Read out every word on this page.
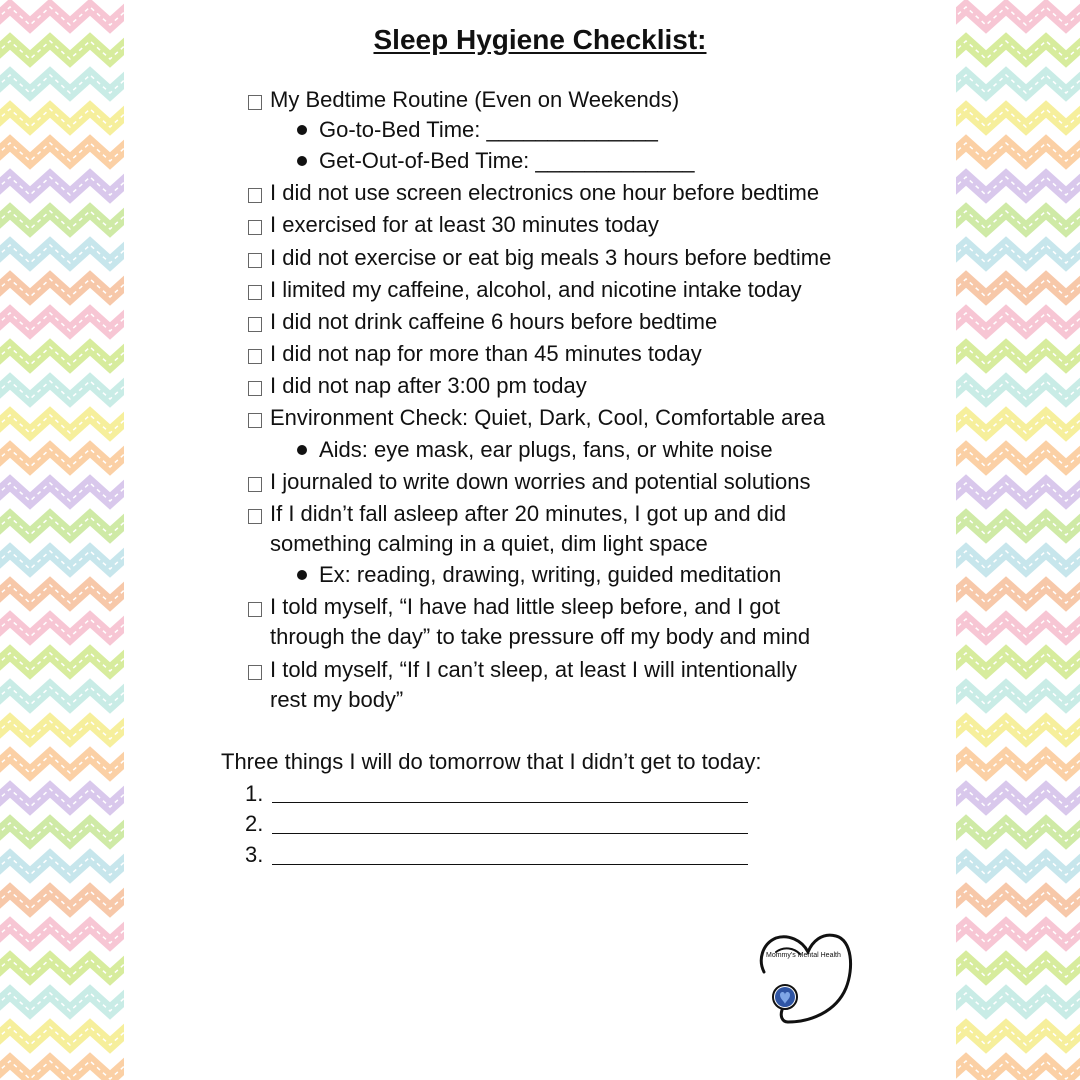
Sleep Hygiene Checklist:
My Bedtime Routine (Even on Weekends)
Go-to-Bed Time: ______________
Get-Out-of-Bed Time: _____________
I did not use screen electronics one hour before bedtime
I exercised for at least 30 minutes today
I did not exercise or eat big meals 3 hours before bedtime
I limited my caffeine, alcohol, and nicotine intake today
I did not drink caffeine 6 hours before bedtime
I did not nap for more than 45 minutes today
I did not nap after 3:00 pm today
Environment Check: Quiet, Dark, Cool, Comfortable area
Aids: eye mask, ear plugs, fans, or white noise
I journaled to write down worries and potential solutions
If I didn’t fall asleep after 20 minutes, I got up and did
something calming in a quiet, dim light space
Ex: reading, drawing, writing, guided meditation
I told myself, “I have had little sleep before, and I got
through the day” to take pressure off my body and mind
I told myself, “If I can’t sleep, at least I will intentionally
rest my body”
Three things I will do tomorrow that I didn’t get to today:
1.
2.
3.
Mommy's Mental Health
